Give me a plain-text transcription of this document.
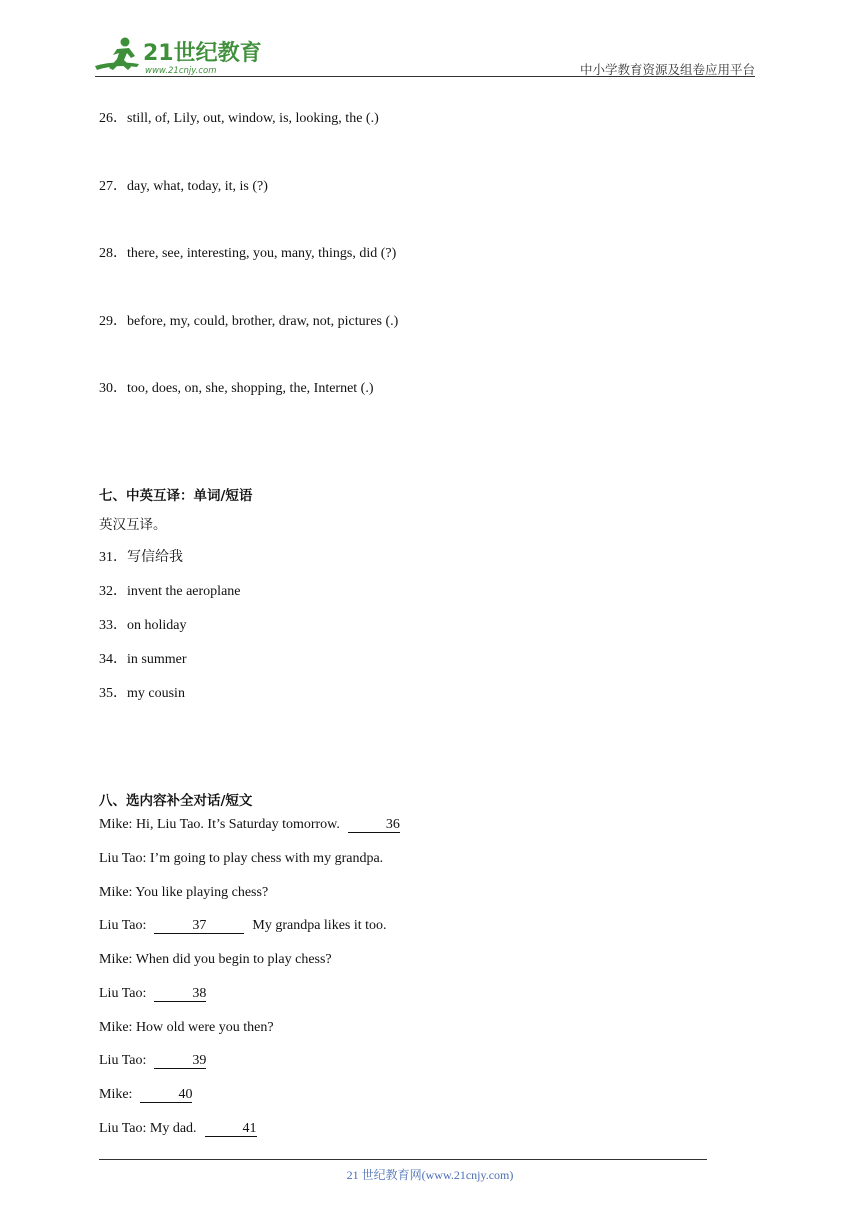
21世纪教育
www.21cnjy.com	中小学教育资源及组卷应用平台
26．still, of, Lily, out, window, is, looking, the (.)
27．day, what, today, it, is (?)
28．there, see, interesting, you, many, things, did (?)
29．before, my, could, brother, draw, not, pictures (.)
30．too, does, on, she, shopping, the, Internet (.)
七、中英互译：单词/短语
英汉互译。
31．写信给我
32．invent the aeroplane
33．on holiday
34．in summer
35．my cousin
八、选内容补全对话/短文
Mike: Hi, Liu Tao. It’s Saturday tomorrow.	36
Liu Tao: I’m going to play chess with my grandpa.
Mike: You like playing chess?
Liu Tao:	37	My grandpa likes it too.
Mike: When did you begin to play chess?
Liu Tao:	38
Mike: How old were you then?
Liu Tao:	39
Mike:	40
Liu Tao: My dad.	41
21 世纪教育网(www.21cnjy.com)
